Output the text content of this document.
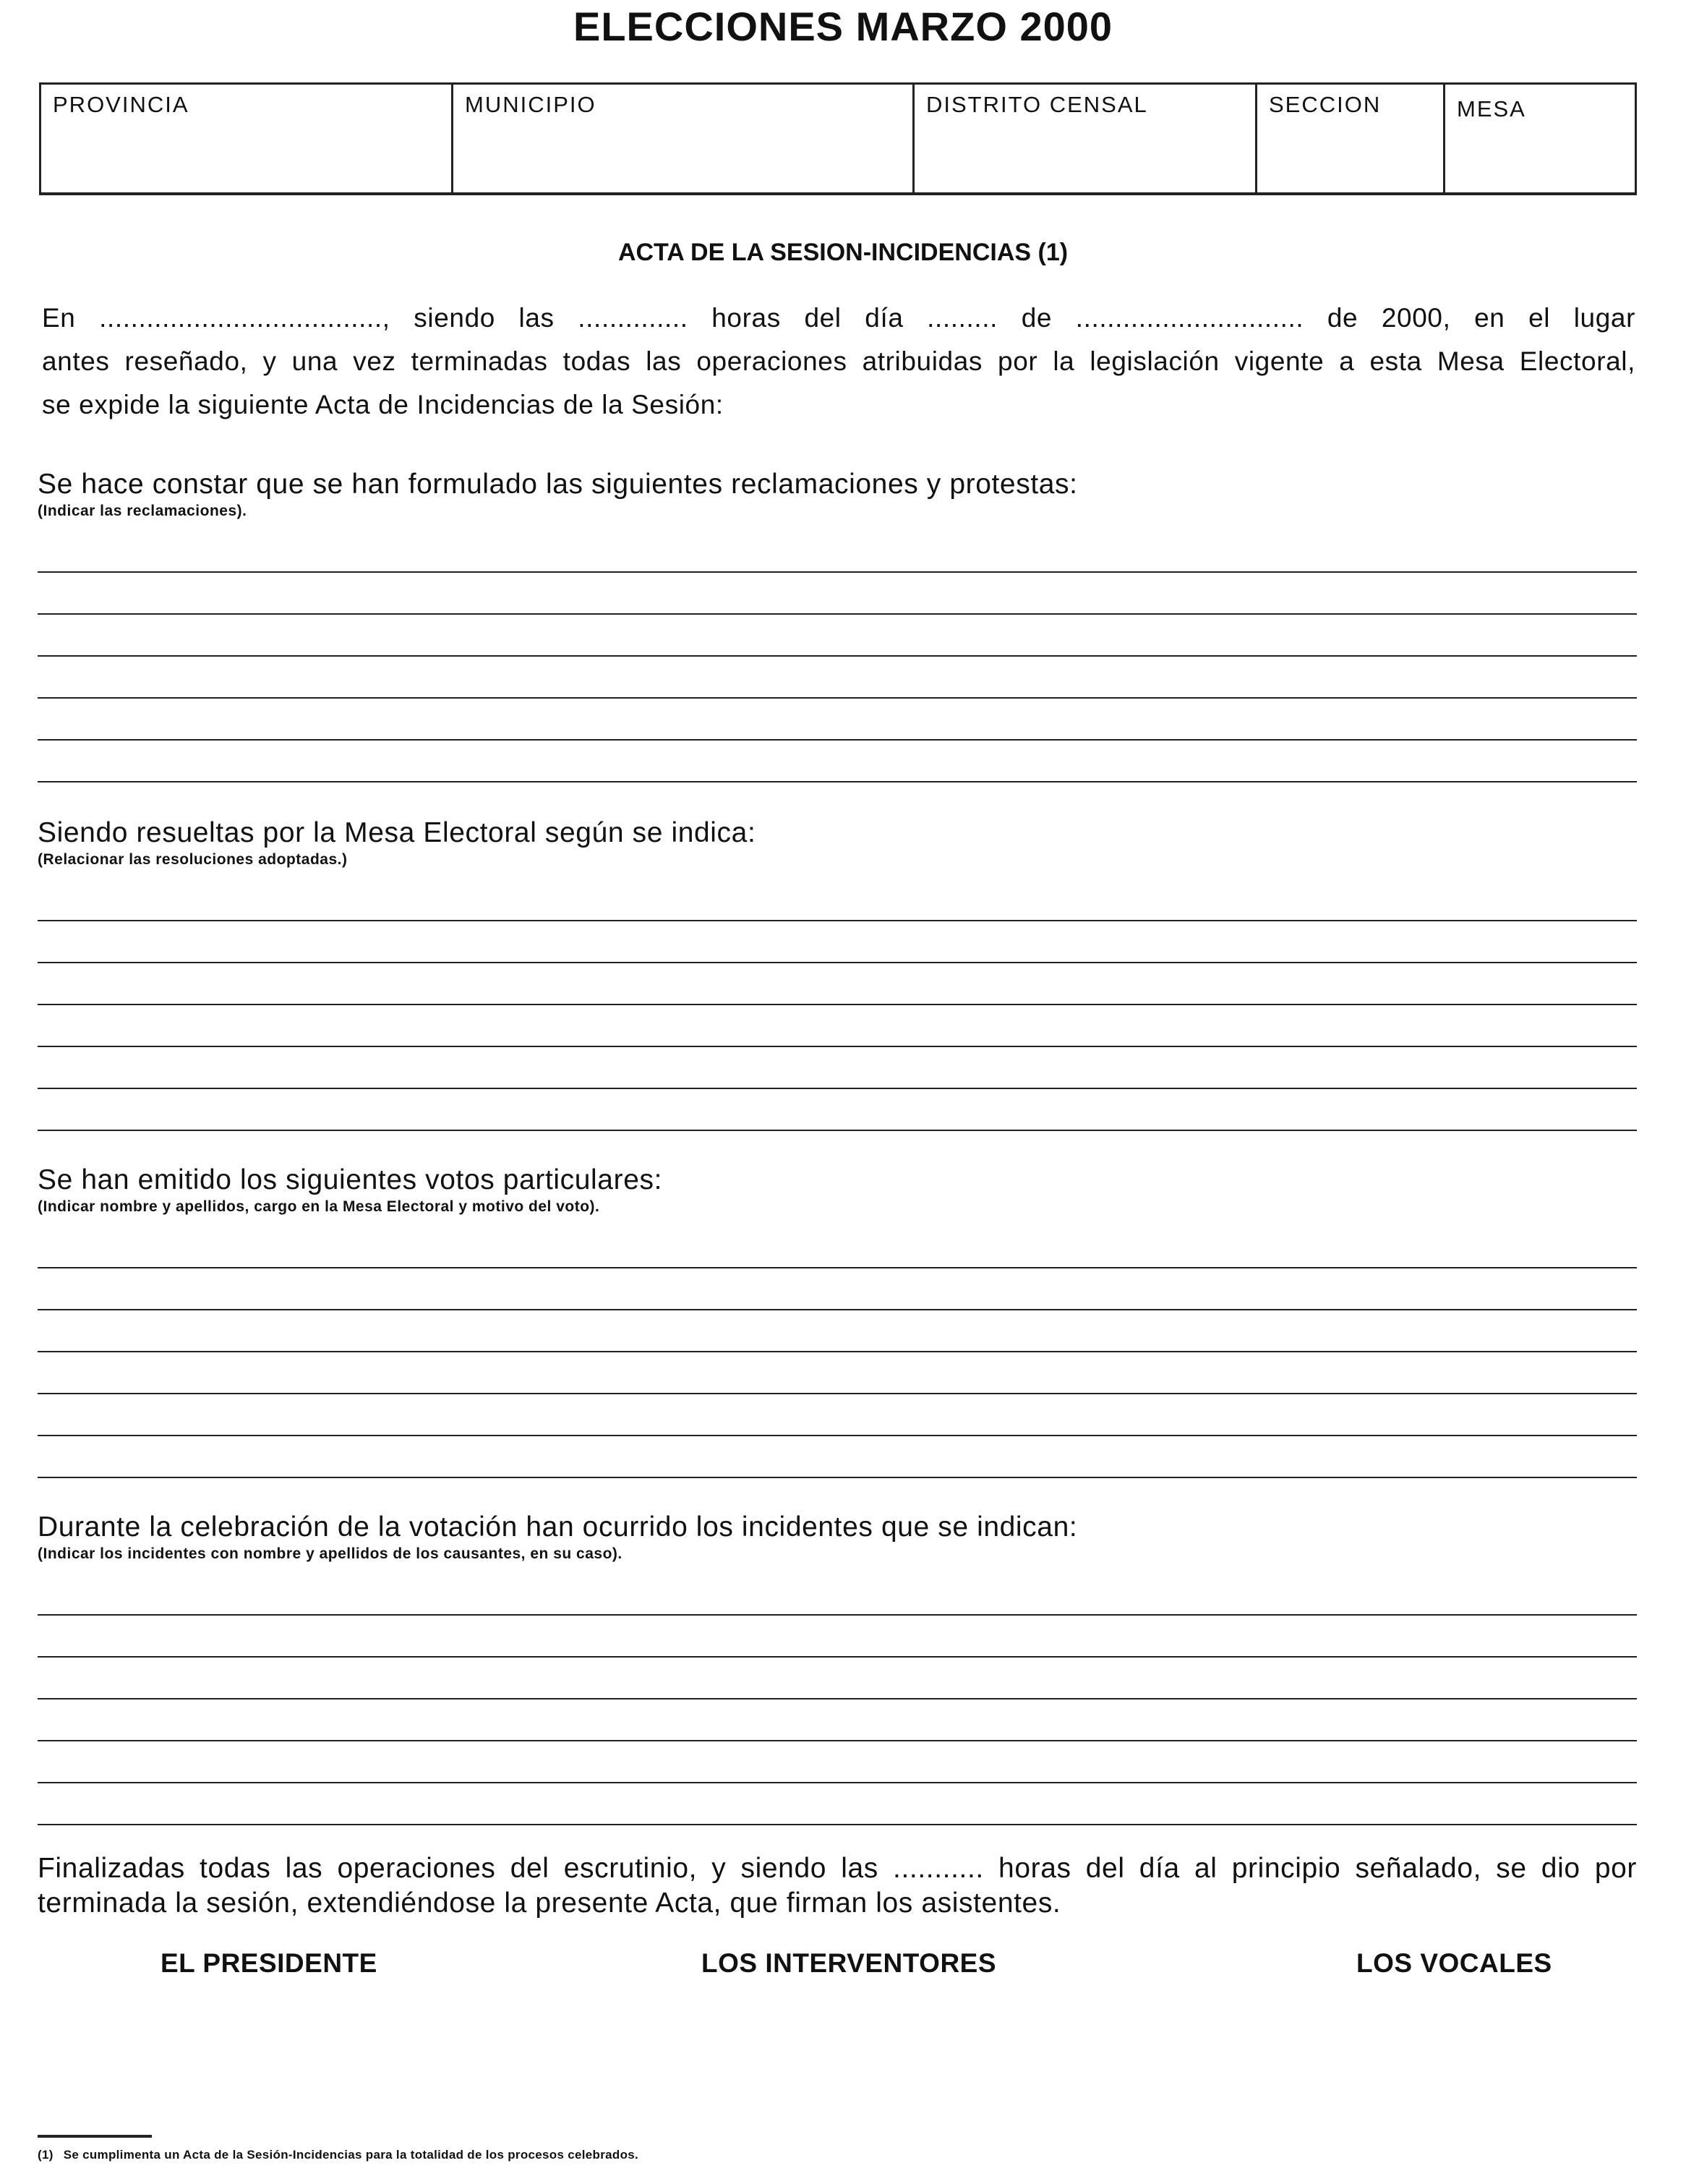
ELECCIONES MARZO 2000
PROVINCIA	MUNICIPIO	DISTRITO CENSAL	SECCION	MESA
ACTA DE LA SESION-INCIDENCIAS (1)
En ...................................., siendo las .............. horas del día ......... de ............................. de 2000, en el lugar
antes reseñado, y una vez terminadas todas las operaciones atribuidas por la legislación vigente a esta Mesa Electoral,
se expide la siguiente Acta de Incidencias de la Sesión:
Se hace constar que se han formulado las siguientes reclamaciones y protestas:
(Indicar las reclamaciones).
Siendo resueltas por la Mesa Electoral según se indica:
(Relacionar las resoluciones adoptadas.)
Se han emitido los siguientes votos particulares:
(Indicar nombre y apellidos, cargo en la Mesa Electoral y motivo del voto).
Durante la celebración de la votación han ocurrido los incidentes que se indican:
(Indicar los incidentes con nombre y apellidos de los causantes, en su caso).
Finalizadas todas las operaciones del escrutinio, y siendo las ........... horas del día al principio señalado, se dio por
terminada la sesión, extendiéndose la presente Acta, que firman los asistentes.
EL PRESIDENTE	LOS INTERVENTORES	LOS VOCALES
(1) Se cumplimenta un Acta de la Sesión-Incidencias para la totalidad de los procesos celebrados.
